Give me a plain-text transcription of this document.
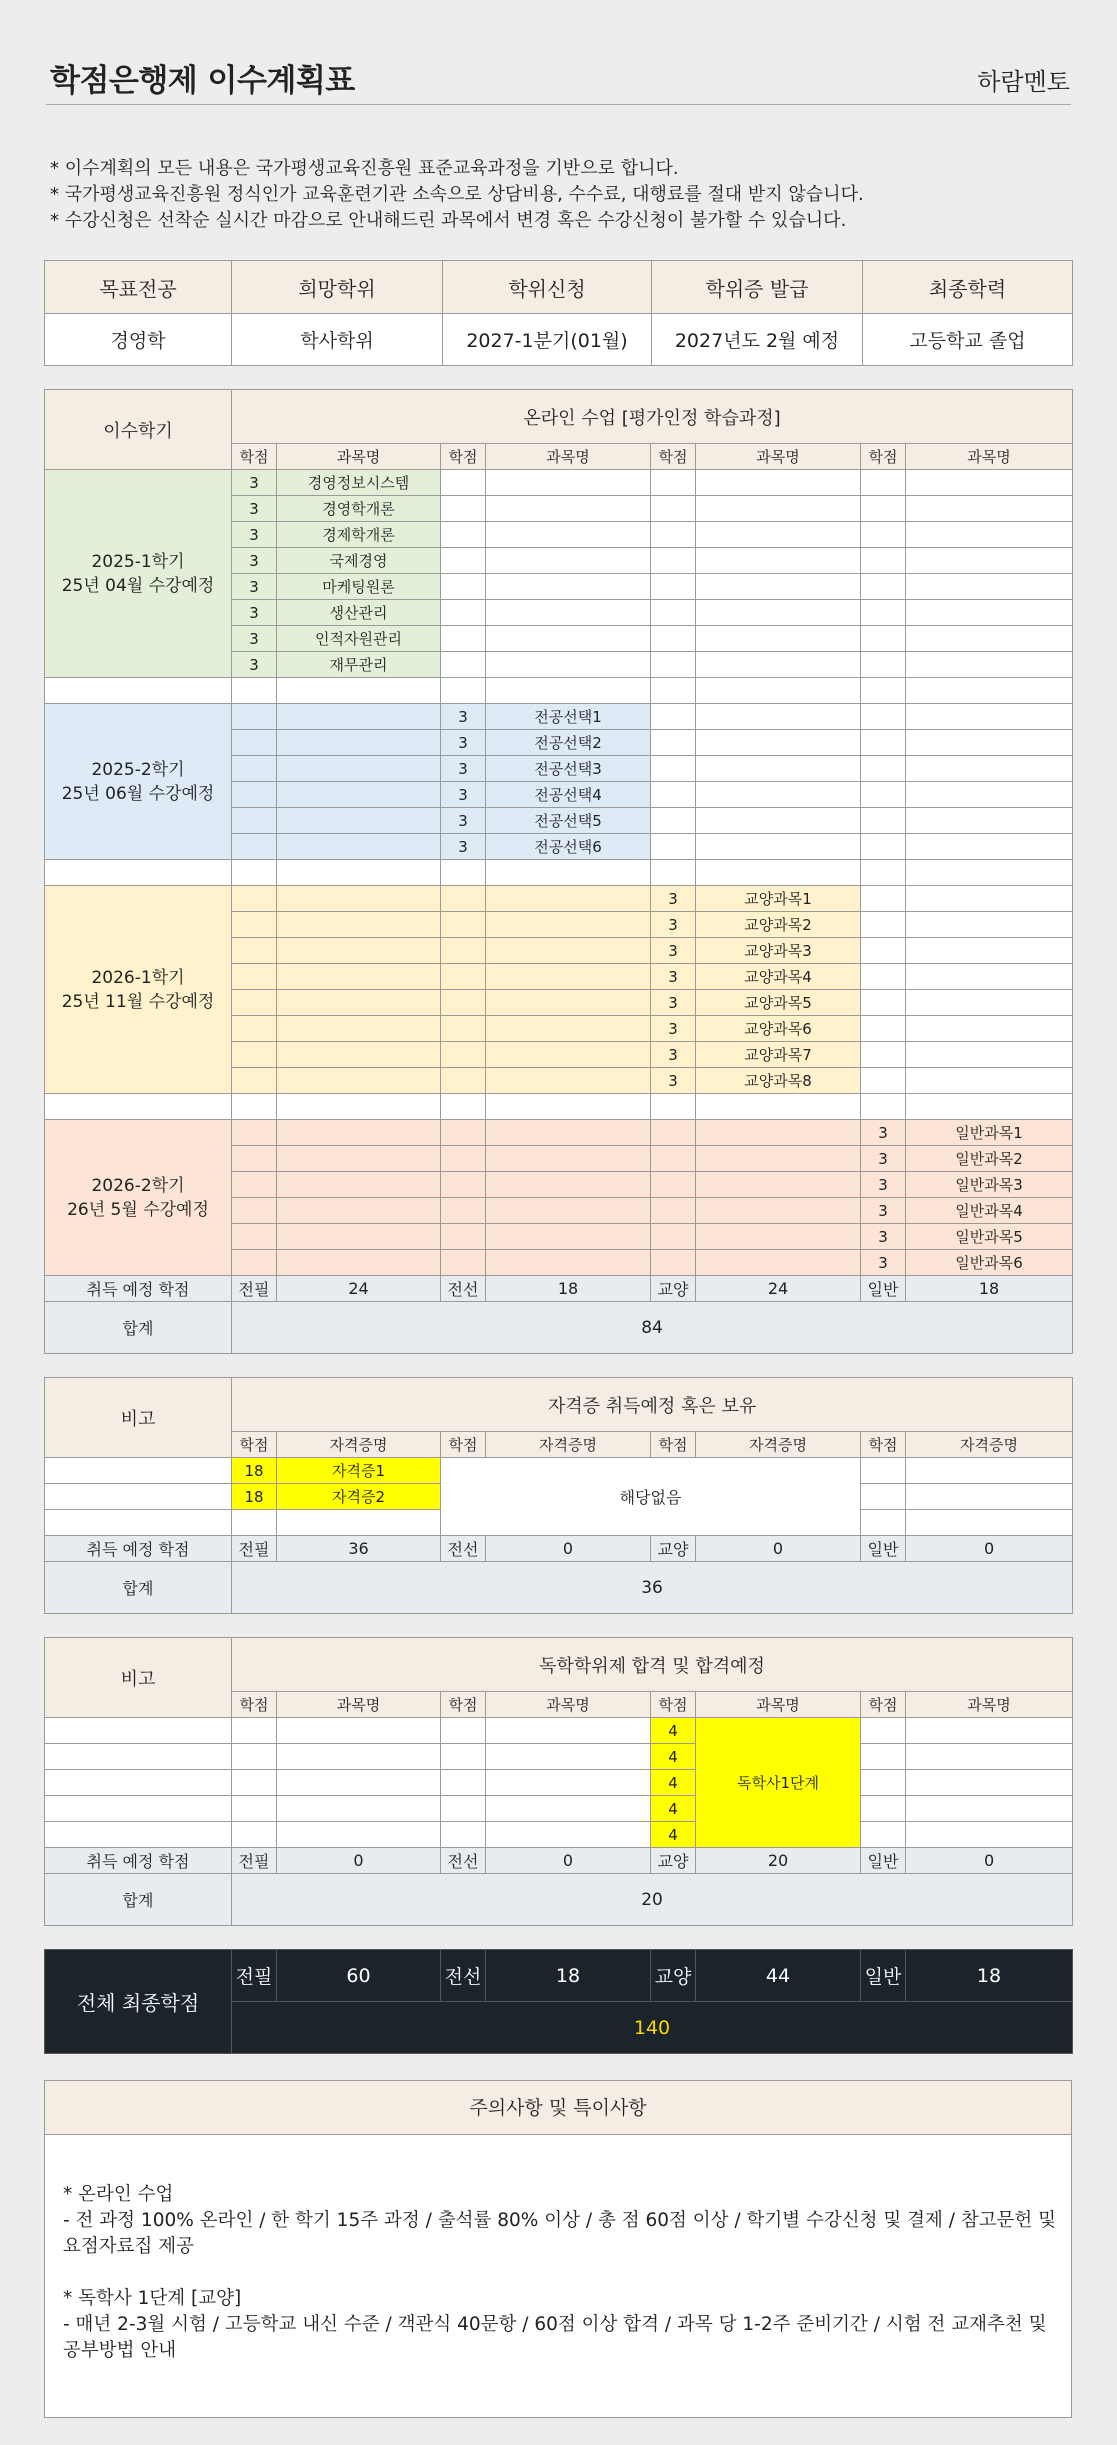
학점은행제 이수계획표	하람멘토
* 이수계획의 모든 내용은 국가평생교육진흥원 표준교육과정을 기반으로 합니다.
* 국가평생교육진흥원 정식인가 교육훈련기관 소속으로 상담비용, 수수료, 대행료를 절대 받지 않습니다.
* 수강신청은 선착순 실시간 마감으로 안내해드린 과목에서 변경 혹은 수강신청이 불가할 수 있습니다.
목표전공	희망학위	학위신청	학위증 발급	최종학력
경영학	학사학위	2027-1분기(01월)	2027년도 2월 예정	고등학교 졸업
이수학기	온라인 수업 [평가인정 학습과정]							
	학점	과목명	학점	과목명	학점	과목명	학점	과목명
2025-1학기
25년 04월 수강예정	3	경영정보시스템						
	3	경영학개론						
	3	경제학개론						
	3	국제경영						
	3	마케팅원론						
	3	생산관리						
	3	인적자원관리						
	3	재무관리						

2025-2학기
25년 06월 수강예정			3	전공선택1				
			3	전공선택2				
			3	전공선택3				
			3	전공선택4				
			3	전공선택5				
			3	전공선택6				

2026-1학기
25년 11월 수강예정					3	교양과목1		
					3	교양과목2		
					3	교양과목3		
					3	교양과목4		
					3	교양과목5		
					3	교양과목6		
					3	교양과목7		
					3	교양과목8		

2026-2학기
26년 5월 수강예정							3	일반과목1
							3	일반과목2
							3	일반과목3
							3	일반과목4
							3	일반과목5
							3	일반과목6
취득 예정 학점	전필	24	전선	18	교양	24	일반	18
합계	84							
비고	자격증 취득예정 혹은 보유							
	학점	자격증명	학점	자격증명	학점	자격증명	학점	자격증명
	18	자격증1	해당없음					
	18	자격증2						

취득 예정 학점	전필	36	전선	0	교양	0	일반	0
합계	36							
비고	독학학위제 합격 및 합격예정							
	학점	과목명	학점	과목명	학점	과목명	학점	과목명
					4	독학사1단계		
					4			
					4			
					4			
					4			
취득 예정 학점	전필	0	전선	0	교양	20	일반	0
합계	20							
전체 최종학점	전필	60	전선	18	교양	44	일반	18
140
주의사항 및 특이사항

* 온라인 수업

- 전 과정 100% 온라인 / 한 학기 15주 과정 / 출석률 80% 이상 / 총 점 60점 이상 / 학기별 수강신청 및 결제 / 참고문헌 및 요점자료집 제공

* 독학사 1단계 [교양]

- 매년 2-3월 시험 / 고등학교 내신 수준 / 객관식 40문항 / 60점 이상 합격 / 과목 당 1-2주 준비기간 / 시험 전 교재추천 및 공부방법 안내
